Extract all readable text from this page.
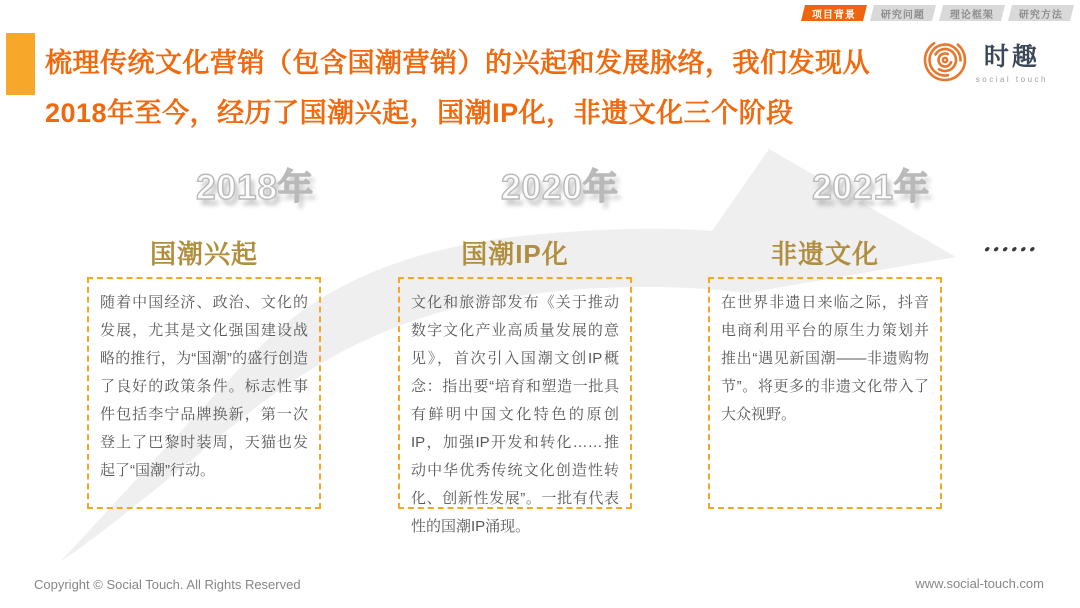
项目背景	研究问题	理论框架	研究方法
梳理传统文化营销（包含国潮营销）的兴起和发展脉络，我们发现从
2018年至今，经历了国潮兴起，国潮IP化，非遗文化三个阶段
时趣
social touch
2018年	2020年	2021年
国潮兴起	国潮IP化	非遗文化
随着中国经济、政治、文化的发展，尤其是文化强国建设战略的推行，为“国潮”的盛行创造了良好的政策条件。标志性事件包括李宁品牌换新，第一次登上了巴黎时装周，天猫也发起了“国潮”行动。
文化和旅游部发布《关于推动数字文化产业高质量发展的意见》，首次引入国潮文创IP概念：指出要“培育和塑造一批具有鲜明中国文化特色的原创IP，加强IP开发和转化……推动中华优秀传统文化创造性转化、创新性发展”。一批有代表性的国潮IP涌现。
在世界非遗日来临之际，抖音电商利用平台的原生力策划并推出“遇见新国潮——非遗购物节”。将更多的非遗文化带入了大众视野。
●●●●●●
Copyright © Social Touch. All Rights Reserved	www.social-touch.com
